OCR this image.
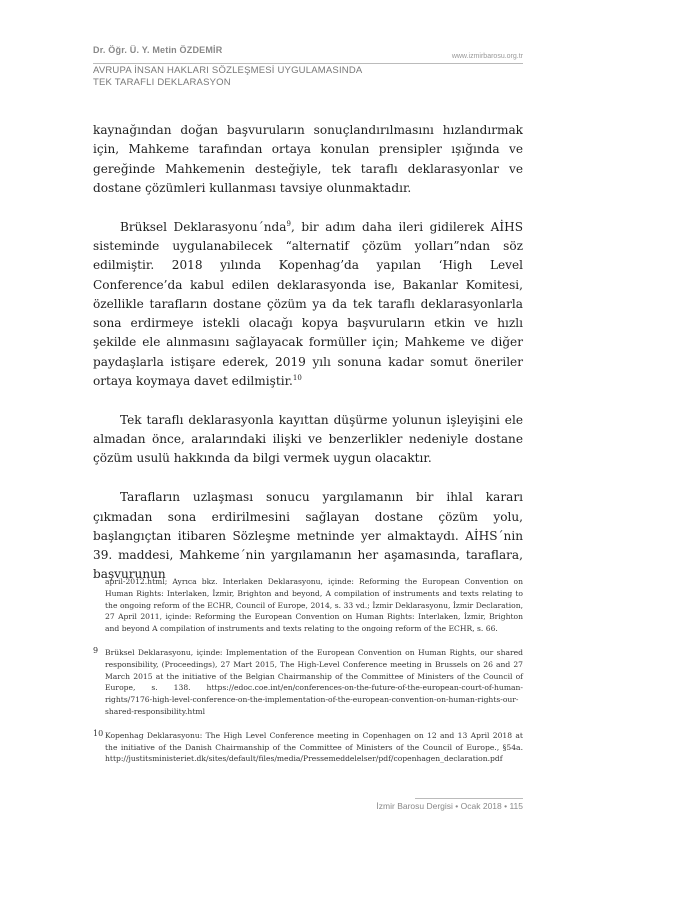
Dr. Öğr. Ü. Y. Metin ÖZDEMİR
www.izmirbarosu.org.tr
AVRUPA İNSAN HAKLARI SÖZLEŞMESİ UYGULAMASINDA
TEK TARAFLI DEKLARASYON

kaynağından doğan başvuruların sonuçlandırılmasını hızlandırmak için, Mahkeme tarafından ortaya konulan prensipler ışığında ve gereğinde Mahkemenin desteğiyle, tek taraflı deklarasyonlar ve dostane çözümleri kullanması tavsiye olunmaktadır.

Brüksel Deklarasyonu´nda$^9$, bir adım daha ileri gidilerek AİHS sisteminde uygulanabilecek “alternatif çözüm yolları”ndan söz edilmiştir. 2018 yılında Kopenhag’da yapılan ‘High Level Conference’da kabul edilen deklarasyonda ise, Bakanlar Komitesi, özellikle tarafların dostane çözüm ya da tek taraflı deklarasyonlarla sona erdirmeye istekli olacağı kopya başvuruların etkin ve hızlı şekilde ele alınmasını sağlayacak formüller için; Mahkeme ve diğer paydaşlarla istişare ederek, 2019 yılı sonuna kadar somut öneriler ortaya koymaya davet edilmiştir.$^{10}$

Tek taraflı deklarasyonla kayıttan düşürme yolunun işleyişini ele almadan önce, aralarındaki ilişki ve benzerlikler nedeniyle dostane çözüm usulü hakkında da bilgi vermek uygun olacaktır.

Tarafların uzlaşması sonucu yargılamanın bir ihlal kararı çıkmadan sona erdirilmesini sağlayan dostane çözüm yolu, başlangıçtan itibaren Sözleşme metninde yer almaktaydı. AİHS´nin 39. maddesi, Mahkeme´nin yargılamanın her aşamasında, taraflara, başvurunun

april-2012.html; Ayrıca bkz. Interlaken Deklarasyonu, içinde: Reforming the European Convention on Human Rights: Interlaken, İzmir, Brighton and beyond, A compilation of instruments and texts relating to the ongoing reform of the ECHR, Council of Europe, 2014, s. 33 vd.; İzmir Deklarasyonu, İzmir Declaration, 27 April 2011, içinde: Reforming the European Convention on Human Rights: Interlaken, İzmir, Brighton and beyond A compilation of instruments and texts relating to the ongoing reform of the ECHR, s. 66.
9 Brüksel Deklarasyonu, içinde: Implementation of the European Convention on Human Rights, our shared responsibility, (Proceedings), 27 Mart 2015, The High-Level Conference meeting in Brussels on 26 and 27 March 2015 at the initiative of the Belgian Chairmanship of the Committee of Ministers of the Council of Europe, s. 138. https://edoc.coe.int/en/conferences-on-the-future-of-the-european-court-of-human-rights/7176-high-level-conference-on-the-implementation-of-the-european-convention-on-human-rights-our-shared-responsibility.html
10 Kopenhag Deklarasyonu: The High Level Conference meeting in Copenhagen on 12 and 13 April 2018 at the initiative of the Danish Chairmanship of the Committee of Ministers of the Council of Europe., §54a. http://justitsministeriet.dk/sites/default/files/media/Pressemeddelelser/pdf/copenhagen_declaration.pdf
İzmir Barosu Dergisi • Ocak 2018 • 115
